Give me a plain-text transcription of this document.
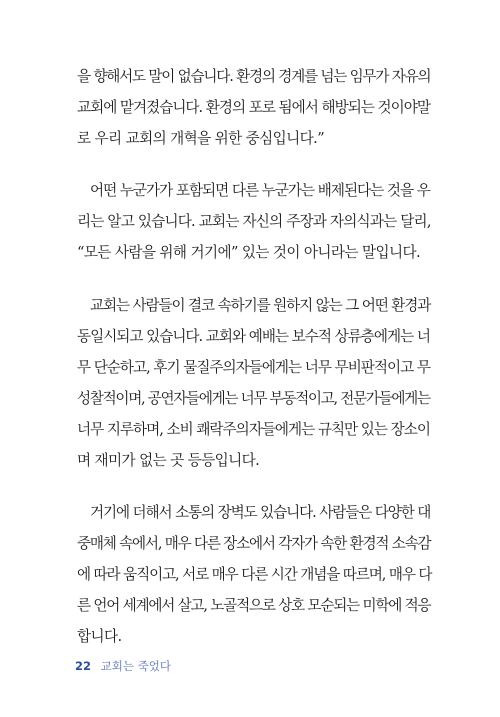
을 향해서도 말이 없습니다. 환경의 경계를 넘는 임무가 자유의
교회에 맡겨졌습니다. 환경의 포로 됨에서 해방되는 것이야말
로 우리 교회의 개혁을 위한 중심입니다.”
어떤 누군가가 포함되면 다른 누군가는 배제된다는 것을 우
리는 알고 있습니다. 교회는 자신의 주장과 자의식과는 달리,
“모든 사람을 위해 거기에” 있는 것이 아니라는 말입니다.
교회는 사람들이 결코 속하기를 원하지 않는 그 어떤 환경과
동일시되고 있습니다. 교회와 예배는 보수적 상류층에게는 너
무 단순하고, 후기 물질주의자들에게는 너무 무비판적이고 무
성찰적이며, 공연자들에게는 너무 부동적이고, 전문가들에게는
너무 지루하며, 소비 쾌락주의자들에게는 규칙만 있는 장소이
며 재미가 없는 곳 등등입니다.
거기에 더해서 소통의 장벽도 있습니다. 사람들은 다양한 대
중매체 속에서, 매우 다른 장소에서 각자가 속한 환경적 소속감
에 따라 움직이고, 서로 매우 다른 시간 개념을 따르며, 매우 다
른 언어 세계에서 살고, 노골적으로 상호 모순되는 미학에 적응
합니다.
22 교회는 죽었다
